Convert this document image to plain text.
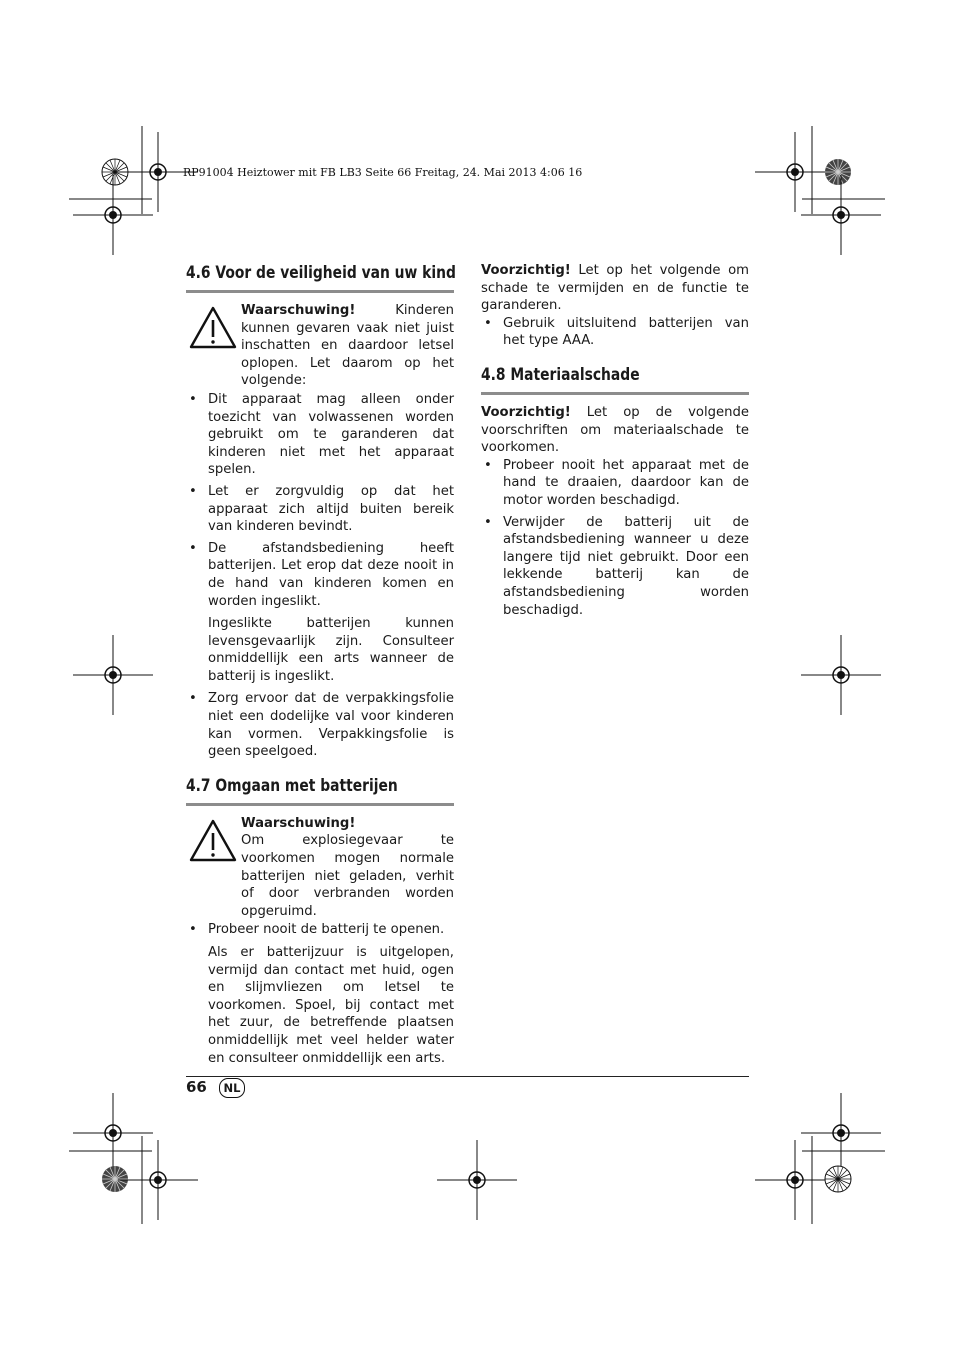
RP91004 Heiztower mit FB LB3 Seite 66 Freitag, 24. Mai 2013 4:06 16
4.6 Voor de veiligheid van uw kind

Waarschuwing! Kinderen kunnen gevaren vaak niet juist inschatten en daardoor letsel oplopen. Let daarom op het volgende:

• Dit apparaat mag alleen onder toezicht van volwassenen worden gebruikt om te garanderen dat kinderen niet met het apparaat spelen.
• Let er zorgvuldig op dat het apparaat zich altijd buiten bereik van kinderen bevindt.
• De afstandsbediening heeft batterijen. Let erop dat deze nooit in de hand van kinderen komen en worden ingeslikt.

Ingeslikte batterijen kunnen levensgevaarlijk zijn. Consulteer onmiddellijk een arts wanneer de batterij is ingeslikt.

• Zorg ervoor dat de verpakkingsfolie niet een dodelijke val voor kinderen kan vormen. Verpakkingsfolie is geen speelgoed.
4.7 Omgaan met batterijen

Waarschuwing!

Om explosiegevaar te voorkomen mogen normale batterijen niet geladen, verhit of door verbranden worden opgeruimd.

• Probeer nooit de batterij te openen.

Als er batterijzuur is uitgelopen, vermijd dan contact met huid, ogen en slijmvliezen om letsel te voorkomen. Spoel, bij contact met het zuur, de betreffende plaatsen onmiddellijk met veel helder water en consulteer onmiddellijk een arts.

Voorzichtig! Let op het volgende om schade te vermijden en de functie te garanderen.

• Gebruik uitsluitend batterijen van het type AAA.
4.8 Materiaalschade

Voorzichtig! Let op de volgende voorschriften om materiaalschade te voorkomen.

• Probeer nooit het apparaat met de hand te draaien, daardoor kan de motor worden beschadigd.
• Verwijder de batterij uit de afstandsbediening wanneer u deze langere tijd niet gebruikt. Door een lekkende batterij kan de afstandsbediening worden beschadigd.
66	NL
